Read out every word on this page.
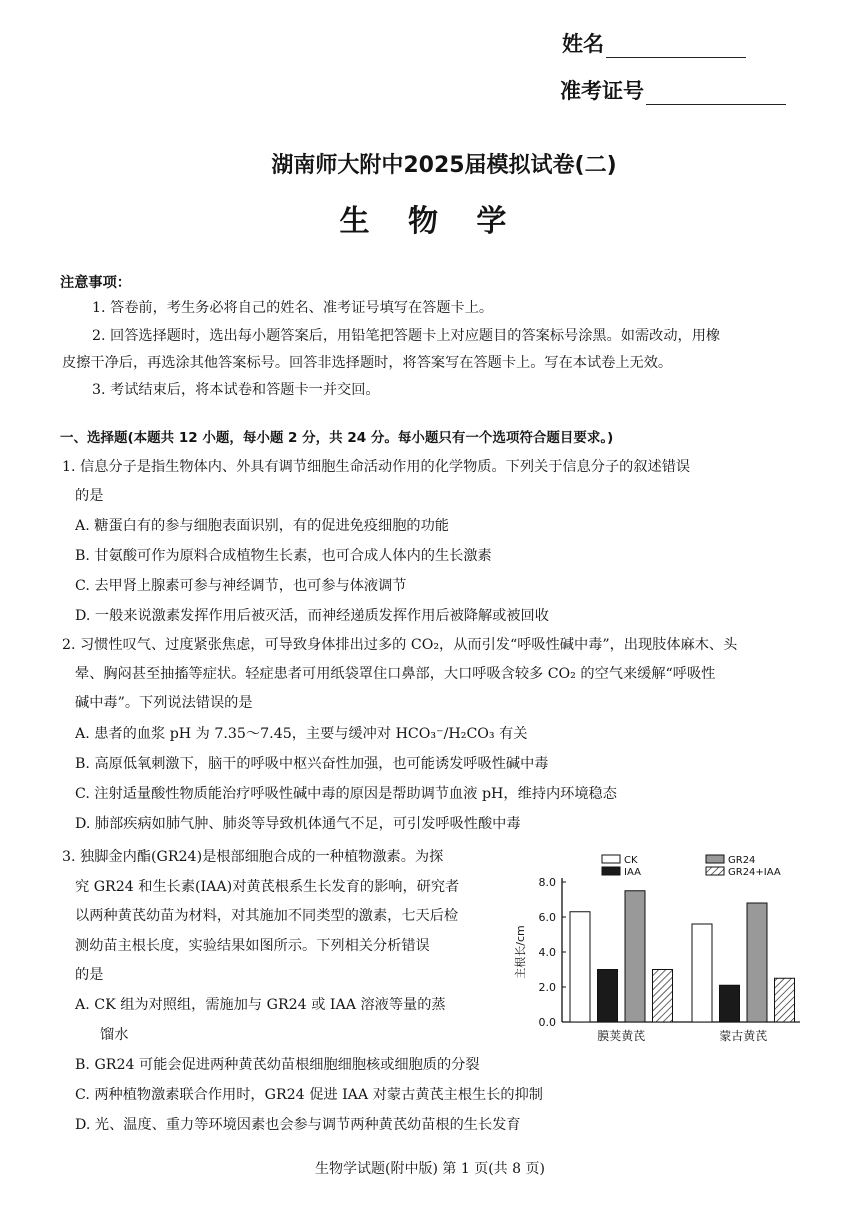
姓名
准考证号
湖南师大附中2025届模拟试卷(二)
生 物 学
注意事项：
1. 答卷前，考生务必将自己的姓名、准考证号填写在答题卡上。
2. 回答选择题时，选出每小题答案后，用铅笔把答题卡上对应题目的答案标号涂黑。如需改动，用橡
皮擦干净后，再选涂其他答案标号。回答非选择题时，将答案写在答题卡上。写在本试卷上无效。
3. 考试结束后，将本试卷和答题卡一并交回。
一、选择题(本题共 12 小题，每小题 2 分，共 24 分。每小题只有一个选项符合题目要求。)
1. 信息分子是指生物体内、外具有调节细胞生命活动作用的化学物质。下列关于信息分子的叙述错误
的是
A. 糖蛋白有的参与细胞表面识别，有的促进免疫细胞的功能
B. 甘氨酸可作为原料合成植物生长素，也可合成人体内的生长激素
C. 去甲肾上腺素可参与神经调节，也可参与体液调节
D. 一般来说激素发挥作用后被灭活，而神经递质发挥作用后被降解或被回收
2. 习惯性叹气、过度紧张焦虑，可导致身体排出过多的 CO₂，从而引发“呼吸性碱中毒”，出现肢体麻木、头
晕、胸闷甚至抽搐等症状。轻症患者可用纸袋罩住口鼻部，大口呼吸含较多 CO₂ 的空气来缓解“呼吸性
碱中毒”。下列说法错误的是
A. 患者的血浆 pH 为 7.35～7.45，主要与缓冲对 HCO₃⁻/H₂CO₃ 有关
B. 高原低氧刺激下，脑干的呼吸中枢兴奋性加强，也可能诱发呼吸性碱中毒
C. 注射适量酸性物质能治疗呼吸性碱中毒的原因是帮助调节血液 pH，维持内环境稳态
D. 肺部疾病如肺气肿、肺炎等导致机体通气不足，可引发呼吸性酸中毒
3. 独脚金内酯(GR24)是根部细胞合成的一种植物激素。为探
究 GR24 和生长素(IAA)对黄芪根系生长发育的影响，研究者
以两种黄芪幼苗为材料，对其施加不同类型的激素，七天后检
测幼苗主根长度，实验结果如图所示。下列相关分析错误
的是
A. CK 组为对照组，需施加与 GR24 或 IAA 溶液等量的蒸
馏水
B. GR24 可能会促进两种黄芪幼苗根细胞细胞核或细胞质的分裂
C. 两种植物激素联合作用时，GR24 促进 IAA 对蒙古黄芪主根生长的抑制
D. 光、温度、重力等环境因素也会参与调节两种黄芪幼苗根的生长发育
CK
IAA
GR24
GR24+IAA
0.0
2.0
4.0
6.0
8.0
主根长/cm
膜荚黄芪	蒙古黄芪
生物学试题(附中版) 第 1 页(共 8 页)
